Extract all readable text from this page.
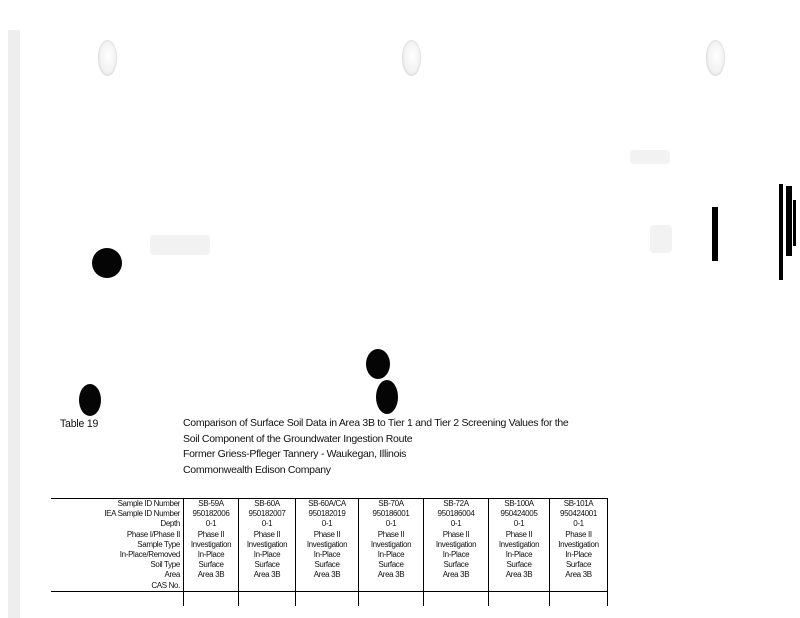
Table 19	Comparison of Surface Soil Data in Area 3B to Tier 1 and Tier 2 Screening Values for the
Soil Component of the Groundwater Ingestion Route
Former Griess-Pfleger Tannery - Waukegan, Illinois
Commonwealth Edison Company
Sample ID Number	SB-59A	SB-60A	SB-60A/CA	SB-70A	SB-72A	SB-100A	SB-101A
IEA Sample ID Number	950182006	950182007	950182019	950186001	950186004	950424005	950424001
Depth	0-1	0-1	0-1	0-1	0-1	0-1	0-1
Phase I/Phase II	Phase II	Phase II	Phase II	Phase II	Phase II	Phase II	Phase II
Sample Type	Investigation	Investigation	Investigation	Investigation	Investigation	Investigation	Investigation
In-Place/Removed	In-Place	In-Place	In-Place	In-Place	In-Place	In-Place	In-Place
Soil Type	Surface	Surface	Surface	Surface	Surface	Surface	Surface
Area	Area 3B	Area 3B	Area 3B	Area 3B	Area 3B	Area 3B	Area 3B
CAS No.							
